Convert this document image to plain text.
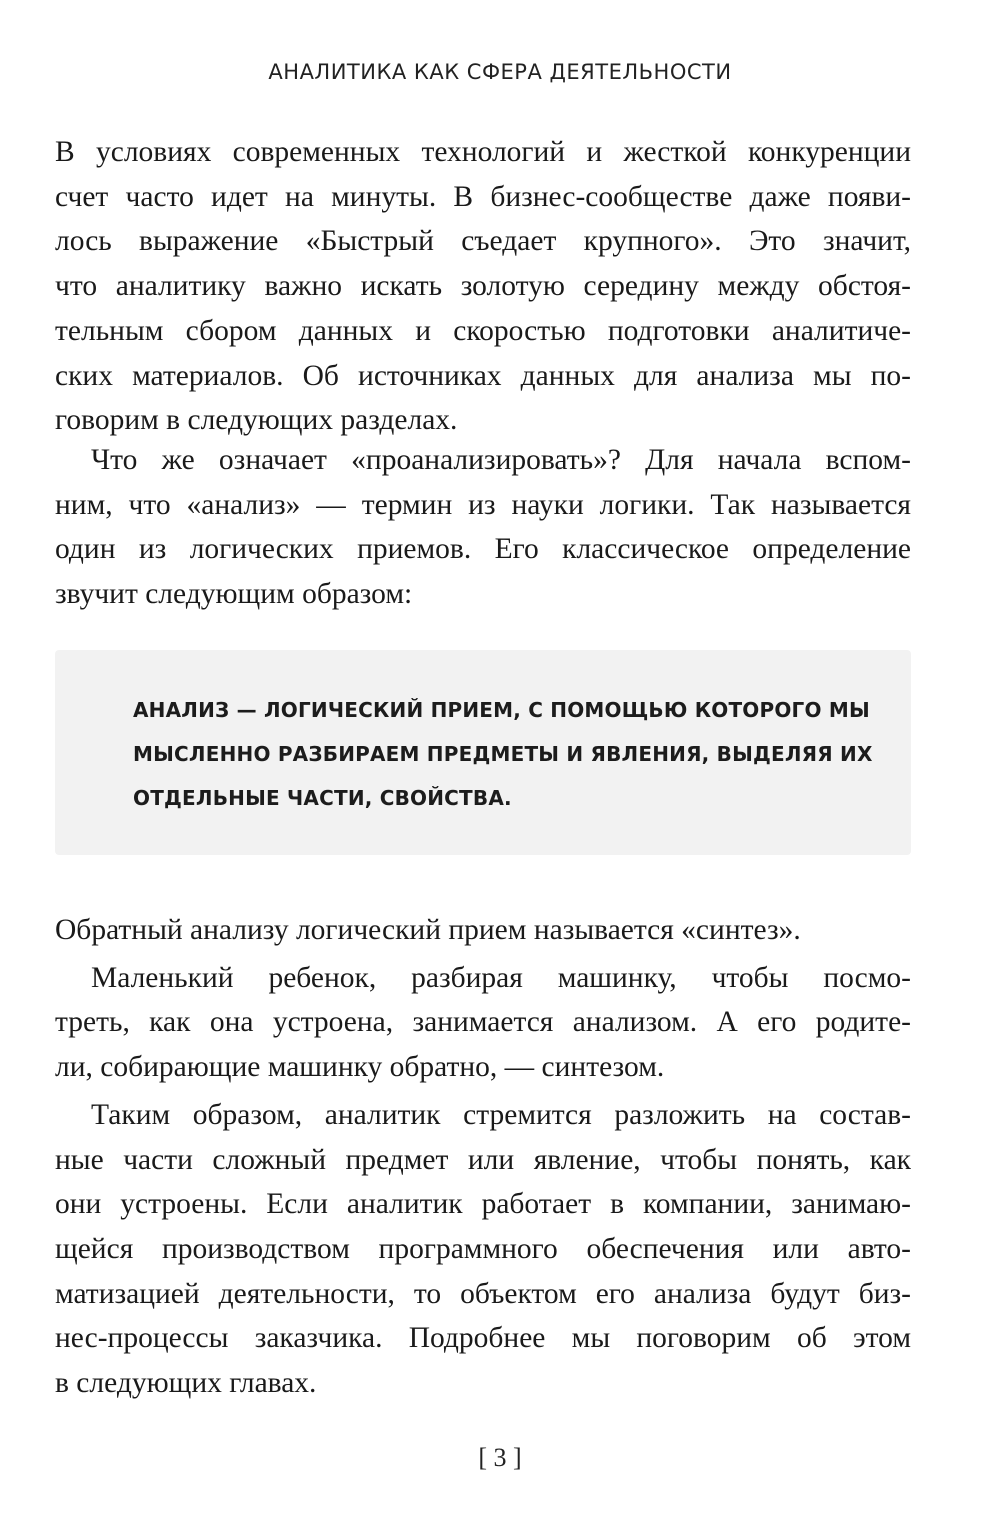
АНАЛИТИКА КАК СФЕРА ДЕЯТЕЛЬНОСТИ
В условиях современных технологий и жесткой конкуренции
счет часто идет на минуты. В бизнес-сообществе даже появи-
лось выражение «Быстрый съедает крупного». Это значит,
что аналитику важно искать золотую середину между обстоя-
тельным сбором данных и скоростью подготовки аналитиче-
ских материалов. Об источниках данных для анализа мы по-
говорим в следующих разделах.
Что же означает «проанализировать»? Для начала вспом-
ним, что «анализ» — термин из науки логики. Так называется
один из логических приемов. Его классическое определение
звучит следующим образом:
АНАЛИЗ — ЛОГИЧЕСКИЙ ПРИЕМ, С ПОМОЩЬЮ КОТОРОГО МЫ
МЫСЛЕННО РАЗБИРАЕМ ПРЕДМЕТЫ И ЯВЛЕНИЯ, ВЫДЕЛЯЯ ИХ
ОТДЕЛЬНЫЕ ЧАСТИ, СВОЙСТВА.
Обратный анализу логический прием называется «синтез».
Маленький ребенок, разбирая машинку, чтобы посмо-
треть, как она устроена, занимается анализом. А его родите-
ли, собирающие машинку обратно, — синтезом.
Таким образом, аналитик стремится разложить на состав-
ные части сложный предмет или явление, чтобы понять, как
они устроены. Если аналитик работает в компании, занимаю-
щейся производством программного обеспечения или авто-
матизацией деятельности, то объектом его анализа будут биз-
нес-процессы заказчика. Подробнее мы поговорим об этом
в следующих главах.
[ 3 ]
